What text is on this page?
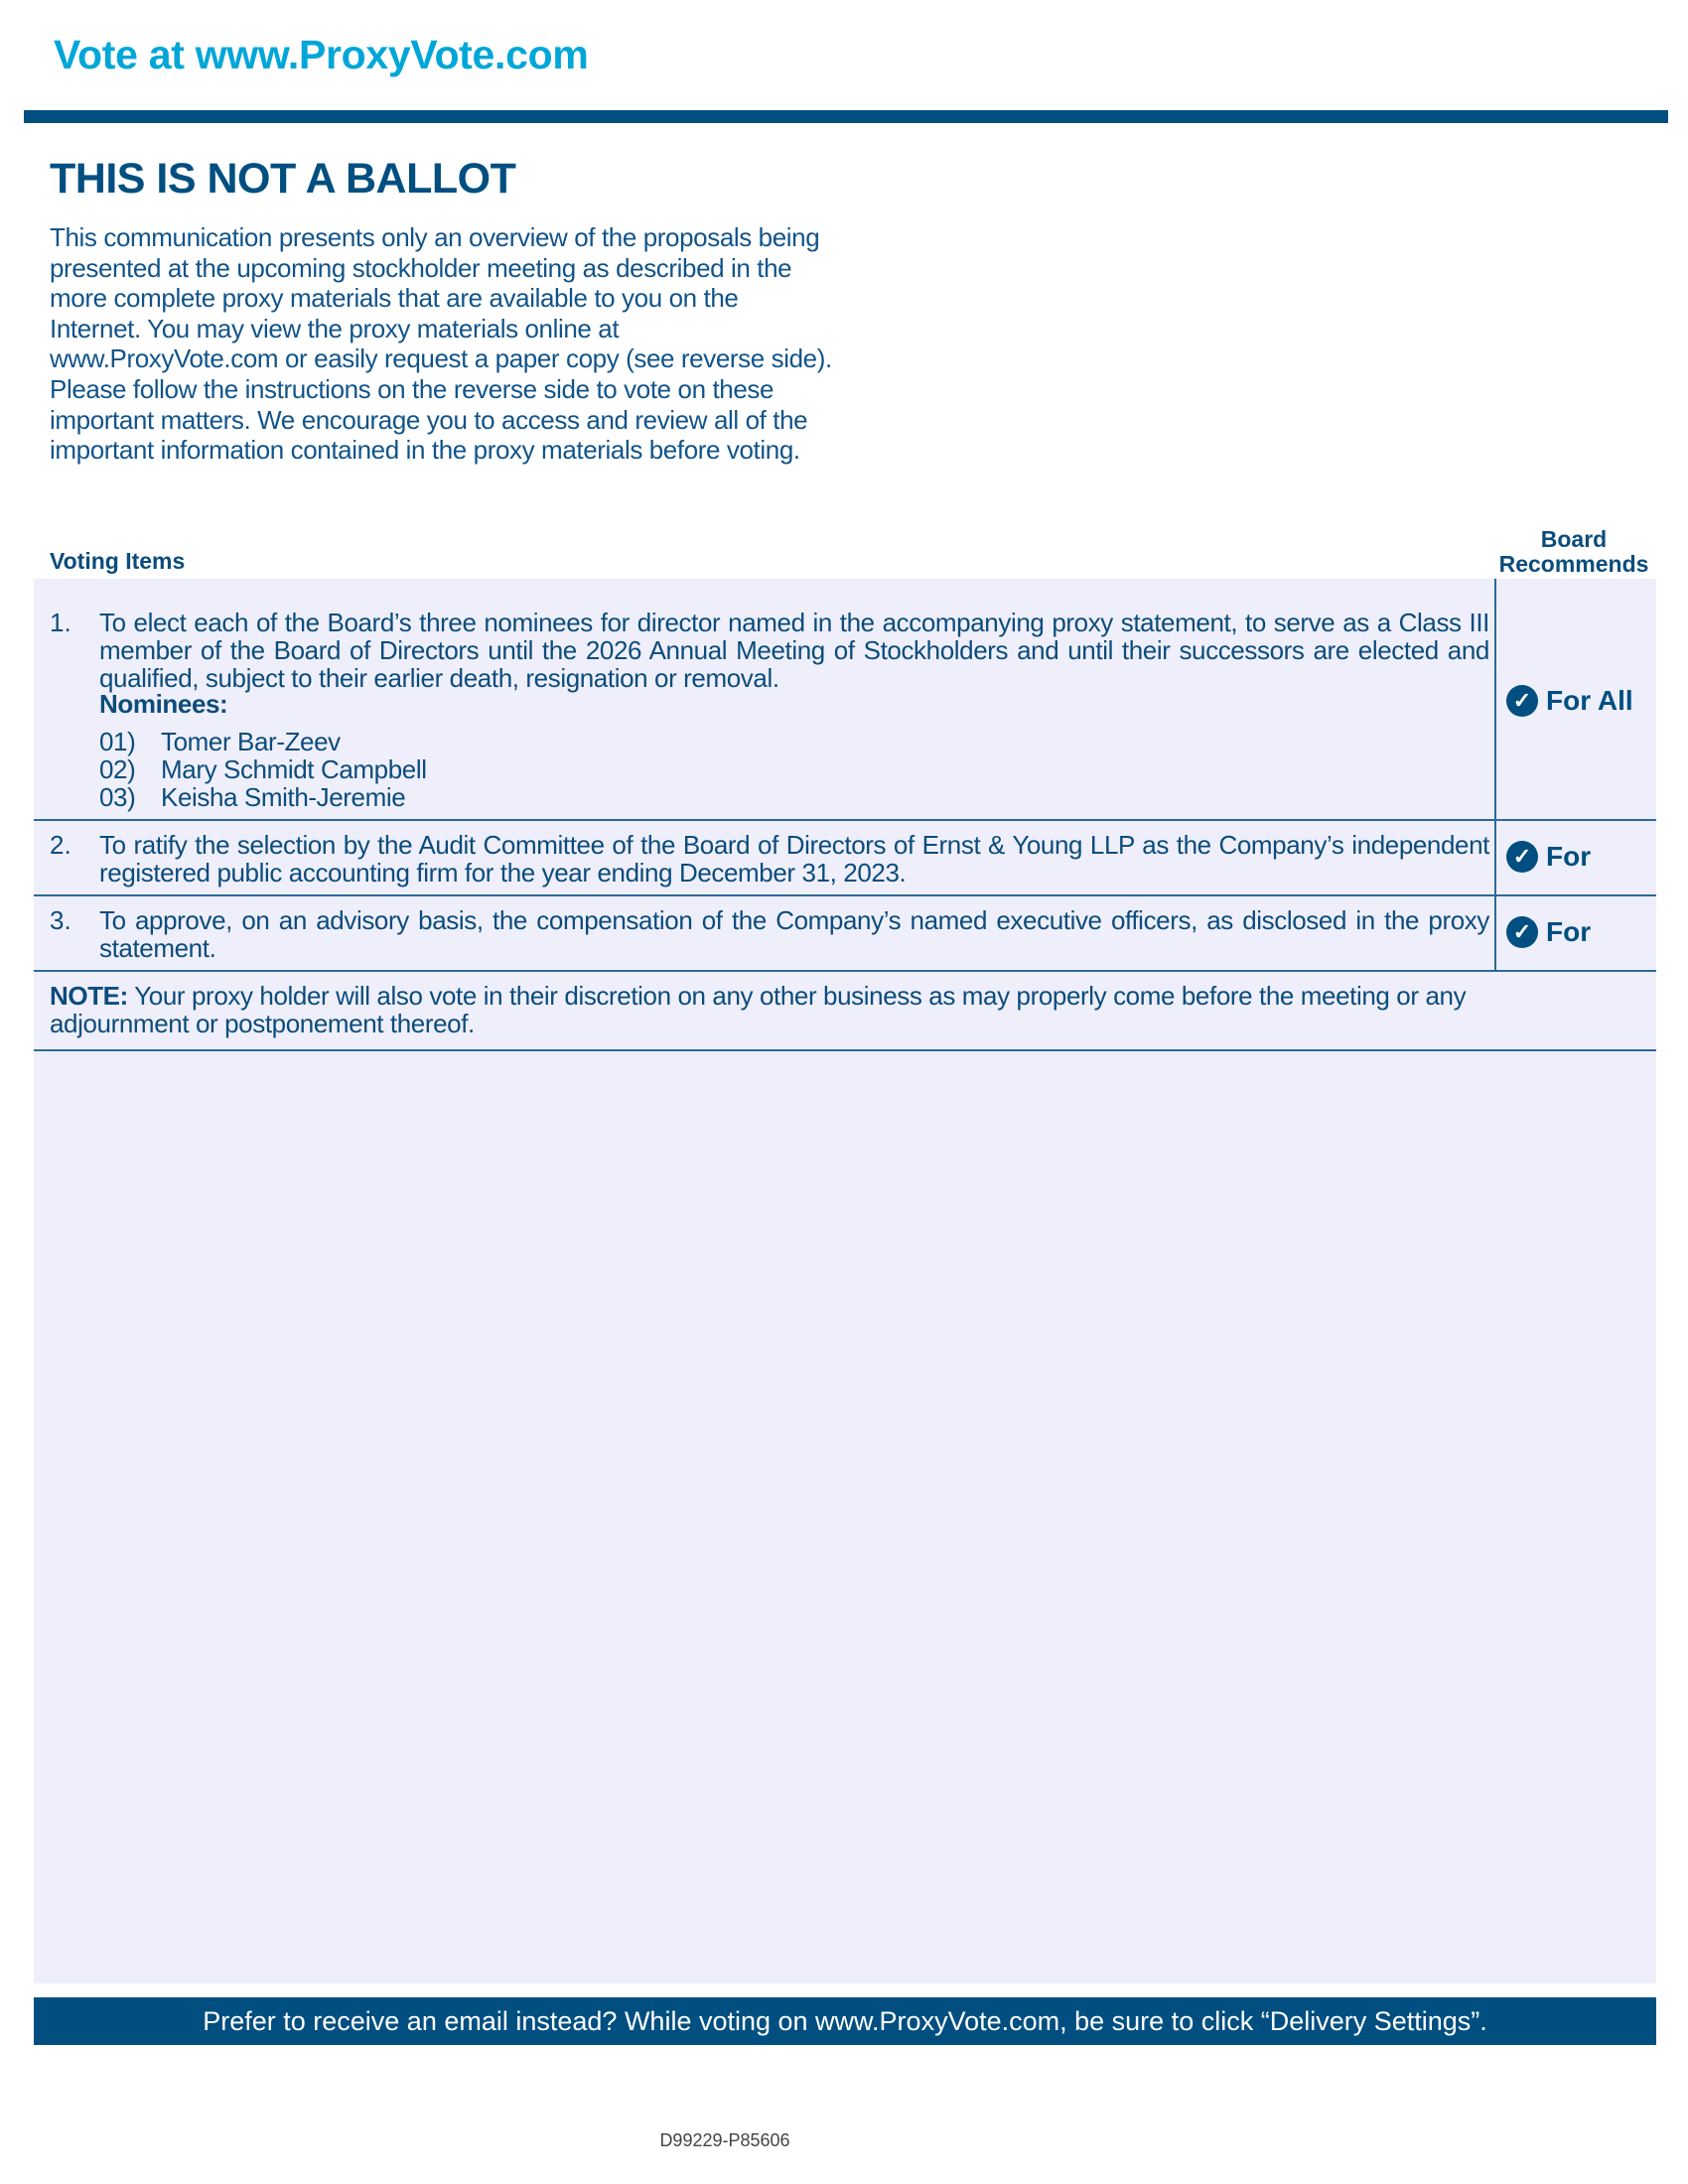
Vote at www.ProxyVote.com
THIS IS NOT A BALLOT
This communication presents only an overview of the proposals being presented at the upcoming stockholder meeting as described in the more complete proxy materials that are available to you on the Internet. You may view the proxy materials online at www.ProxyVote.com or easily request a paper copy (see reverse side). Please follow the instructions on the reverse side to vote on these important matters. We encourage you to access and review all of the important information contained in the proxy materials before voting.
Voting Items
Board Recommends
1. To elect each of the Board’s three nominees for director named in the accompanying proxy statement, to serve as a Class III member of the Board of Directors until the 2026 Annual Meeting of Stockholders and until their successors are elected and qualified, subject to their earlier death, resignation or removal.
Nominees:
01) Tomer Bar-Zeev
02) Mary Schmidt Campbell
03) Keisha Smith-Jeremie
✓ For All
2. To ratify the selection by the Audit Committee of the Board of Directors of Ernst & Young LLP as the Company’s independent registered public accounting firm for the year ending December 31, 2023.
✓ For
3. To approve, on an advisory basis, the compensation of the Company’s named executive officers, as disclosed in the proxy statement.
✓ For
NOTE: Your proxy holder will also vote in their discretion on any other business as may properly come before the meeting or any adjournment or postponement thereof.
Prefer to receive an email instead? While voting on www.ProxyVote.com, be sure to click “Delivery Settings”.
D99229-P85606
